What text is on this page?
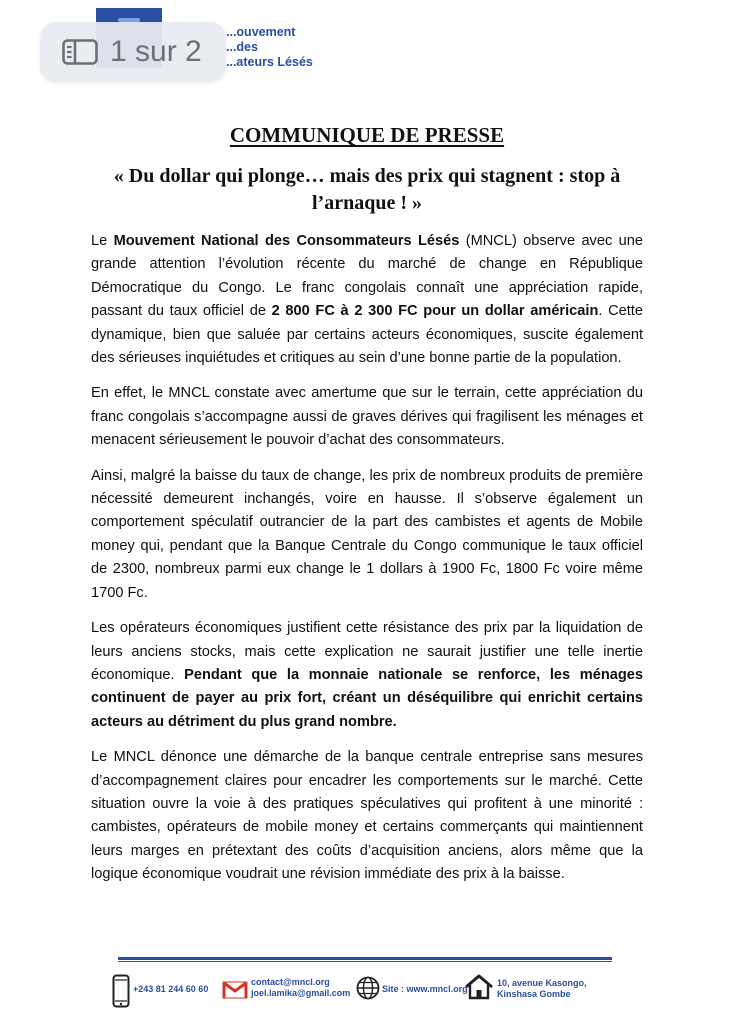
...ouvement
...des
...ateurs Lésés
1 sur 2
COMMUNIQUE DE PRESSE
« Du dollar qui plonge… mais des prix qui stagnent : stop à l’arnaque ! »

Le Mouvement National des Consommateurs Lésés (MNCL) observe avec une grande attention l’évolution récente du marché de change en République Démocratique du Congo. Le franc congolais connaît une appréciation rapide, passant du taux officiel de 2 800 FC à 2 300 FC pour un dollar américain. Cette dynamique, bien que saluée par certains acteurs économiques, suscite également des sérieuses inquiétudes et critiques au sein d’une bonne partie de la population.

En effet, le MNCL constate avec amertume que sur le terrain, cette appréciation du franc congolais s’accompagne aussi de graves dérives qui fragilisent les ménages et menacent sérieusement le pouvoir d’achat des consommateurs.

Ainsi, malgré la baisse du taux de change, les prix de nombreux produits de première nécessité demeurent inchangés, voire en hausse. Il s’observe également un comportement spéculatif outrancier de la part des cambistes et agents de Mobile money qui, pendant que la Banque Centrale du Congo communique le taux officiel de 2300, nombreux parmi eux change le 1 dollars à 1900 Fc, 1800 Fc voire même 1700 Fc.

Les opérateurs économiques justifient cette résistance des prix par la liquidation de leurs anciens stocks, mais cette explication ne saurait justifier une telle inertie économique. Pendant que la monnaie nationale se renforce, les ménages continuent de payer au prix fort, créant un déséquilibre qui enrichit certains acteurs au détriment du plus grand nombre.

Le MNCL dénonce une démarche de la banque centrale entreprise sans mesures d’accompagnement claires pour encadrer les comportements sur le marché. Cette situation ouvre la voie à des pratiques spéculatives qui profitent à une minorité : cambistes, opérateurs de mobile money et certains commerçants qui maintiennent leurs marges en prétextant des coûts d’acquisition anciens, alors même que la logique économique voudrait une révision immédiate des prix à la baisse.

+243 81 244 60 60
contact@mncl.org
joel.lamika@gmail.com	Site : www.mncl.org
10, avenue Kasongo,
Kinshasa Gombe
